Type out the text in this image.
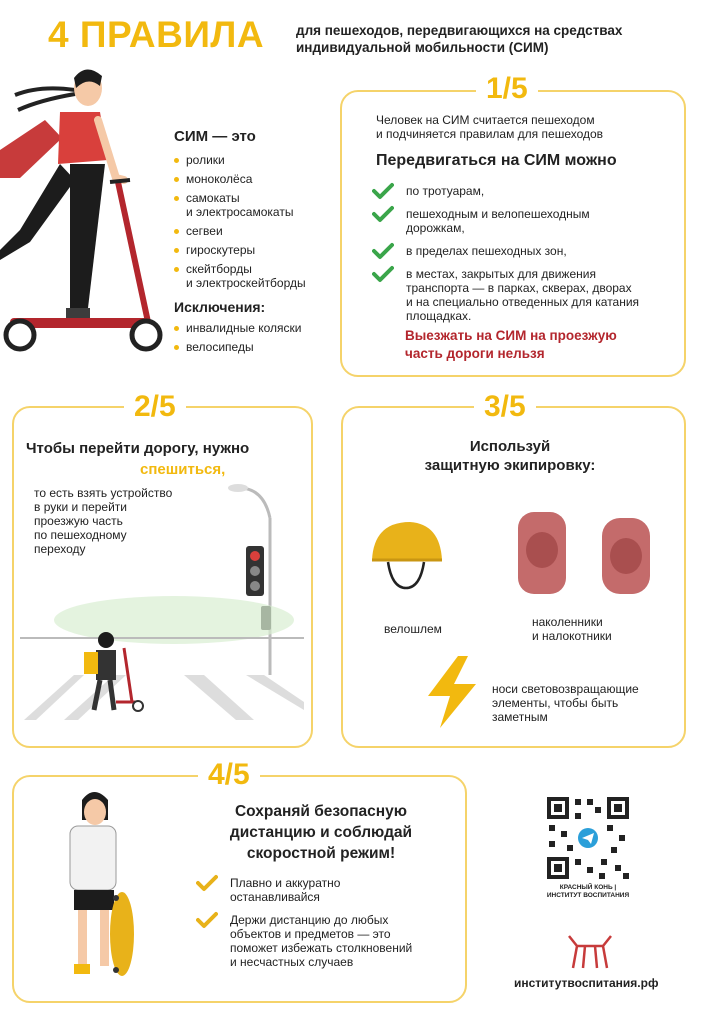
4 ПРАВИЛА для пешеходов, передвигающихся на средствах индивидуальной мобильности (СИМ)
СИМ — это
ролики
моноколёса
самокаты
и электросамокаты
сегвеи
гироскутеры
скейтборды
и электроскейтборды
Исключения:
инвалидные коляски
велосипеды
1/5
Человек на СИМ считается пешеходом
и подчиняется правилам для пешеходов
Передвигаться на СИМ можно
по тротуарам,
пешеходным и велопешеходным
дорожкам,
в пределах пешеходных зон,
в местах, закрытых для движения
транспорта — в парках, скверах, дворах
и на специально отведенных для катания
площадках.
Выезжать на СИМ на проезжую
часть дороги нельзя
2/5
Чтобы перейти дорогу, нужно
спешиться,
то есть взять устройство
в руки и перейти
проезжую часть
по пешеходному
переходу
3/5
Используй
защитную экипировку:
велошлем	наколенники
и налокотники
носи световозвращающие
элементы, чтобы быть
заметным
4/5
Сохраняй безопасную
дистанцию и соблюдай
скоростной режим!
Плавно и аккуратно
останавливайся
Держи дистанцию до любых
объектов и предметов — это
поможет избежать столкновений
и несчастных случаев
КРАСНЫЙ КОНЬ |
ИНСТИТУТ ВОСПИТАНИЯ
институтвоспитания.рф
